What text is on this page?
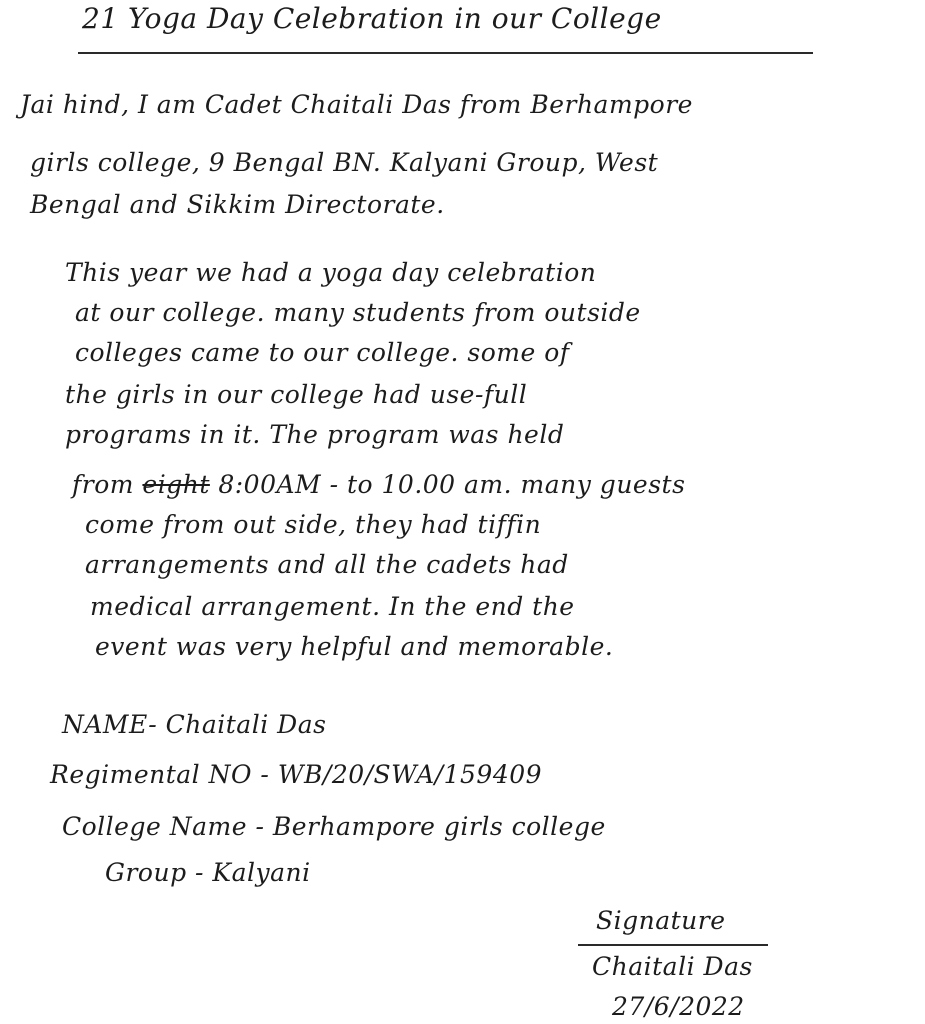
21 Yoga Day Celebration in our College
Jai hind, I am Cadet Chaitali Das from Berhampore
girls college, 9 Bengal BN. Kalyani Group, West
Bengal and Sikkim Directorate.
This year we had a yoga day celebration
at our college. many students from outside
colleges came to our college. some of
the girls in our college had use-full
programs in it. The program was held
from eight 8:00AM - to 10.00 am. many guests
come from out side, they had tiffin
arrangements and all the cadets had
medical arrangement. In the end the
event was very helpful and memorable.
NAME- Chaitali Das
Regimental NO - WB/20/SWA/159409
College Name - Berhampore girls college
Group - Kalyani
Signature
Chaitali Das
27/6/2022
